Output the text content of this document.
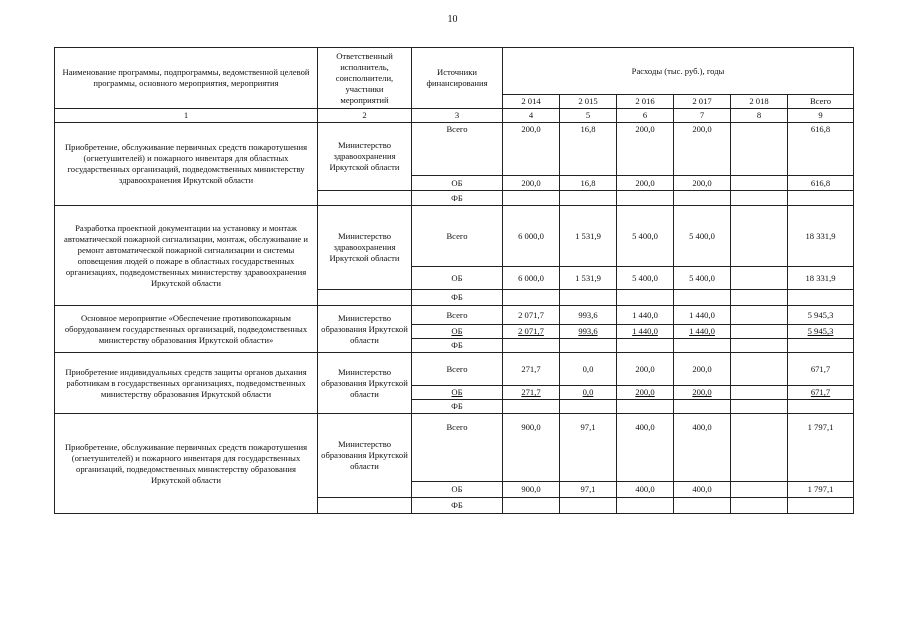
10
Наименование программы, подпрограммы, ведомственной целевой программы, основного мероприятия, мероприятия	Ответственный исполнитель, соисполнители, участники мероприятий	Источники финансирования	Расходы (тыс. руб.), годы					
			2 014	2 015	2 016	2 017	2 018	Всего
1	2	3	4	5	6	7	8	9
Приобретение, обслуживание первичных средств пожаротушения (огнетушителей) и пожарного инвентаря для областных государственных организаций, подведомственных министерству здравоохранения Иркутской области	Министерство здравоохранения Иркутской области	Всего	200,0	16,8	200,0	200,0		616,8
		ОБ	200,0	16,8	200,0	200,0		616,8
		ФБ						
Разработка проектной документации на установку и монтаж автоматической пожарной сигнализации, монтаж, обслуживание и ремонт автоматической пожарной сигнализации и системы оповещения людей о пожаре в областных государственных организациях, подведомственных министерству здравоохранения Иркутской области	Министерство здравоохранения Иркутской области	Всего	6 000,0	1 531,9	5 400,0	5 400,0		18 331,9
		ОБ	6 000,0	1 531,9	5 400,0	5 400,0		18 331,9
		ФБ						
Основное мероприятие «Обеспечение противопожарным оборудованием государственных организаций, подведомственных министерству образования Иркутской области»	Министерство образования Иркутской области	Всего	2 071,7	993,6	1 440,0	1 440,0		5 945,3
		ОБ	2 071,7	993,6	1 440,0	1 440,0		5 945,3
		ФБ						
Приобретение индивидуальных средств защиты органов дыхания работникам в государственных организациях, подведомственных министерству образования Иркутской области	Министерство образования Иркутской области	Всего	271,7	0,0	200,0	200,0		671,7
		ОБ	271,7	0,0	200,0	200,0		671,7
		ФБ						
Приобретение, обслуживание первичных средств пожаротушения (огнетушителей) и пожарного инвентаря для государственных организаций, подведомственных министерству образования Иркутской области	Министерство образования Иркутской области	Всего	900,0	97,1	400,0	400,0		1 797,1
		ОБ	900,0	97,1	400,0	400,0		1 797,1
		ФБ						
